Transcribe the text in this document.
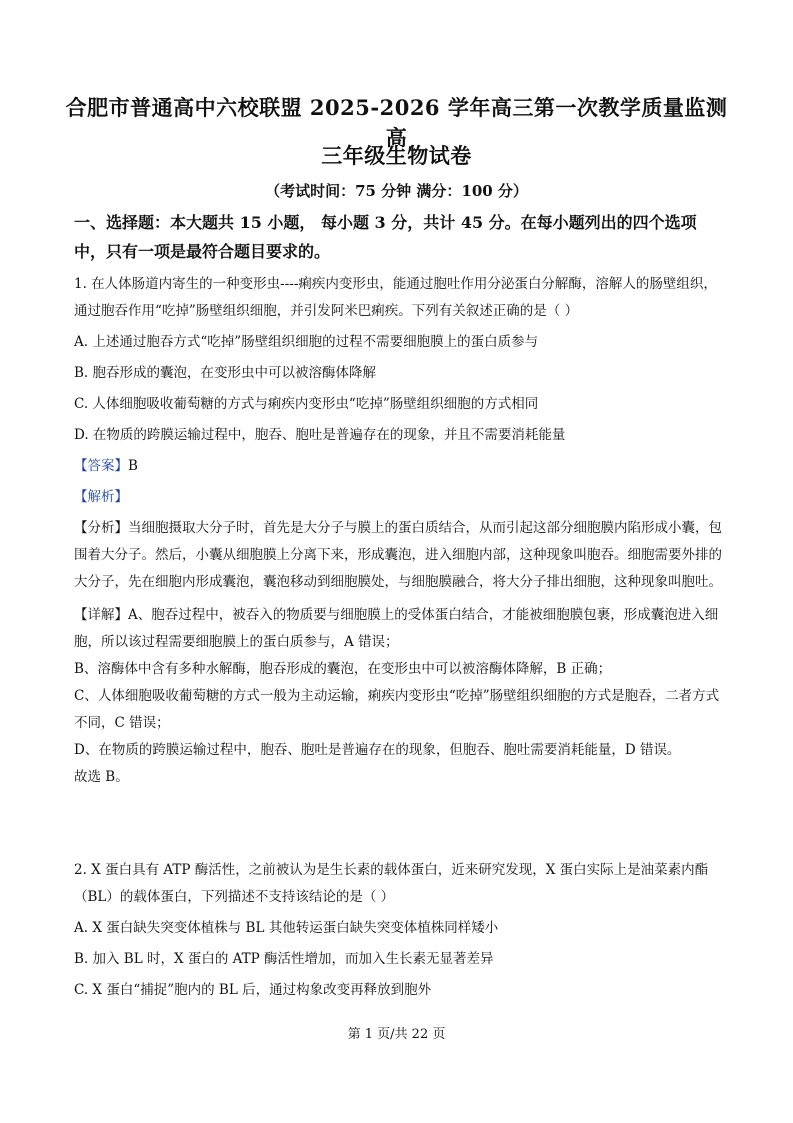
合肥市普通高中六校联盟 2025-2026 学年高三第一次教学质量监测高
三年级生物试卷
（考试时间：75 分钟 满分：100 分）
一、选择题：本大题共 15 小题， 每小题 3 分，共计 45 分。在每小题列出的四个选项中，只有一项是最符合题目要求的。

1. 在人体肠道内寄生的一种变形虫----痢疾内变形虫，能通过胞吐作用分泌蛋白分解酶，溶解人的肠壁组织，通过胞吞作用“吃掉”肠壁组织细胞，并引发阿米巴痢疾。下列有关叙述正确的是（ ）

A. 上述通过胞吞方式“吃掉”肠壁组织细胞的过程不需要细胞膜上的蛋白质参与

B. 胞吞形成的囊泡，在变形虫中可以被溶酶体降解

C. 人体细胞吸收葡萄糖的方式与痢疾内变形虫“吃掉”肠壁组织细胞的方式相同

D. 在物质的跨膜运输过程中，胞吞、胞吐是普遍存在的现象，并且不需要消耗能量

【答案】B

【解析】

【分析】当细胞摄取大分子时，首先是大分子与膜上的蛋白质结合，从而引起这部分细胞膜内陷形成小囊，包围着大分子。然后，小囊从细胞膜上分离下来，形成囊泡，进入细胞内部，这种现象叫胞吞。细胞需要外排的大分子，先在细胞内形成囊泡，囊泡移动到细胞膜处，与细胞膜融合，将大分子排出细胞，这种现象叫胞吐。

【详解】A、胞吞过程中，被吞入的物质要与细胞膜上的受体蛋白结合，才能被细胞膜包裹，形成囊泡进入细胞，所以该过程需要细胞膜上的蛋白质参与，A 错误；

B、溶酶体中含有多种水解酶，胞吞形成的囊泡，在变形虫中可以被溶酶体降解，B 正确；

C、人体细胞吸收葡萄糖的方式一般为主动运输，痢疾内变形虫“吃掉”肠壁组织细胞的方式是胞吞，二者方式不同，C 错误；

D、在物质的跨膜运输过程中，胞吞、胞吐是普遍存在的现象，但胞吞、胞吐需要消耗能量，D 错误。

故选 B。

2. X 蛋白具有 ATP 酶活性，之前被认为是生长素的载体蛋白，近来研究发现，X 蛋白实际上是油菜素内酯（BL）的载体蛋白，下列描述不支持该结论的是（ ）

A. X 蛋白缺失突变体植株与 BL 其他转运蛋白缺失突变体植株同样矮小

B. 加入 BL 时，X 蛋白的 ATP 酶活性增加，而加入生长素无显著差异

C. X 蛋白“捕捉”胞内的 BL 后，通过构象改变再释放到胞外

第 1 页/共 22 页
